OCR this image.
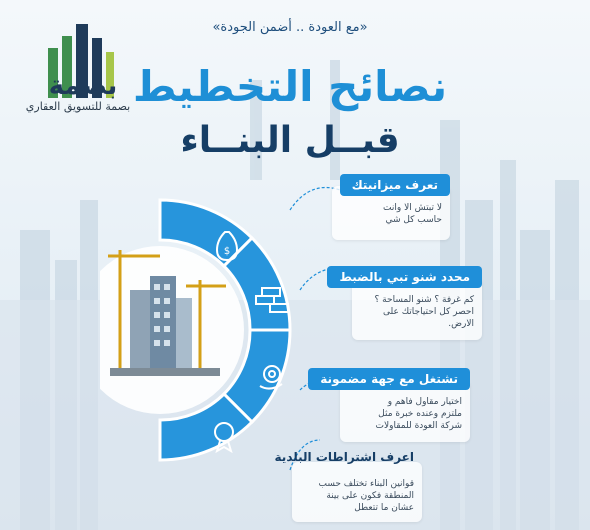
بصمة
بصمة للتسويق العقاري
«مع العودة .. أضمن الجودة»
نصائح التخطيط
قبــل البنــاء
$
تعرف ميزانيتك
لا تبتش الا وانت
حاسب كل شي
محدد شنو تبي بالضبط
كم غرفة ؟ شنو المساحة ؟
احصر كل احتياجاتك على
الارض.
تشتغل مع جهة مضمونة
اختيار مقاول فاهم و
ملتزم وعنده خبرة مثل
شركة العودة للمقاولات
اعرف اشتراطات البلدية
قوانين البناء تختلف حسب
المنطقة فكون على بينة
عشان ما تتعطل
